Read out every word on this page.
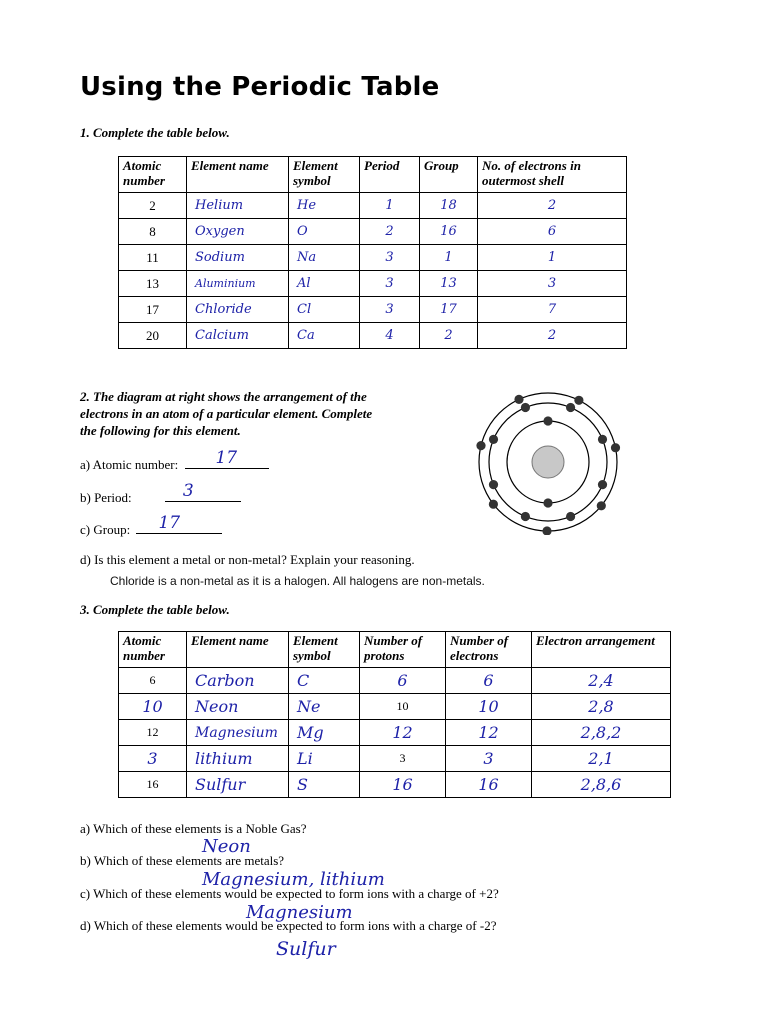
Using the Periodic Table
1. Complete the table below.
Atomic number	Element name	Element symbol	Period	Group	No. of electrons in outermost shell
2	Helium	He	1	18	2
8	Oxygen	O	2	16	6
11	Sodium	Na	3	1	1
13	Aluminium	Al	3	13	3
17	Chloride	Cl	3	17	7
20	Calcium	Ca	4	2	2
2. The diagram at right shows the arrangement of the
electrons in an atom of a particular element. Complete
the following for this element.
a) Atomic number: 17
b) Period:	3
c) Group: 17
d) Is this element a metal or non-metal? Explain your reasoning.
Chloride is a non-metal as it is a halogen. All halogens are non-metals.
3. Complete the table below.
Atomic number	Element name	Element symbol	Number of protons	Number of electrons	Electron arrangement
6	Carbon	C	6	6	2,4
10	Neon	Ne	10	10	2,8
12	Magnesium	Mg	12	12	2,8,2
3	lithium	Li	3	3	2,1
16	Sulfur	S	16	16	2,8,6
a) Which of these elements is a Noble Gas?
Neon
b) Which of these elements are metals?
Magnesium, lithium
c) Which of these elements would be expected to form ions with a charge of +2?
Magnesium
d) Which of these elements would be expected to form ions with a charge of -2?
Sulfur
